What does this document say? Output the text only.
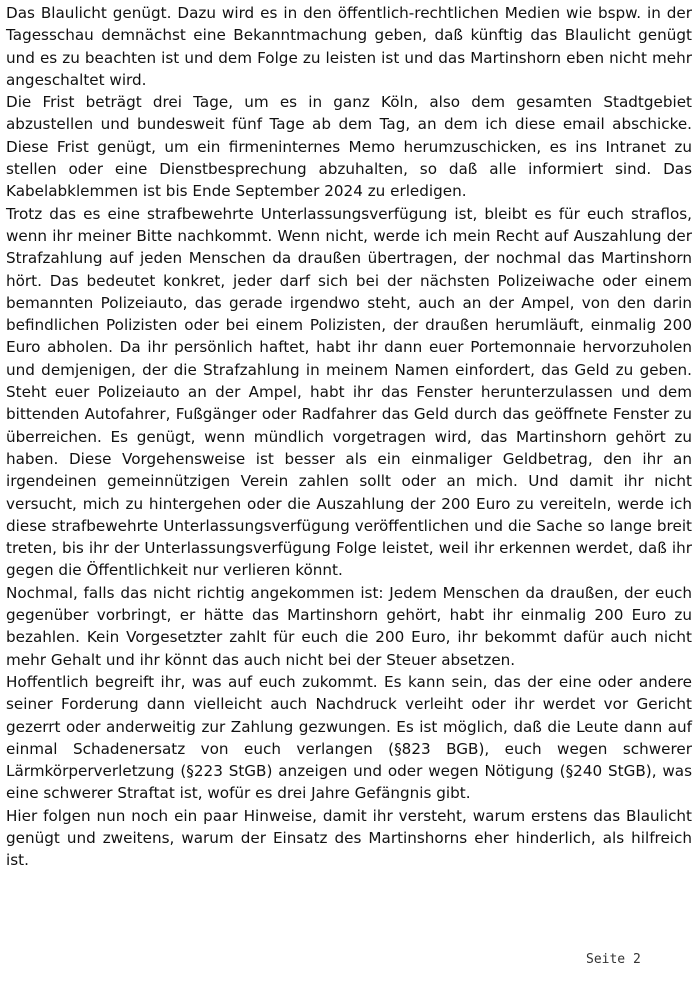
Das Blaulicht genügt. Dazu wird es in den öffentlich-rechtlichen Medien wie bspw. in der Tagesschau demnächst eine Bekanntmachung geben, daß künftig das Blaulicht genügt und es zu beachten ist und dem Folge zu leisten ist und das Martinshorn eben nicht mehr angeschaltet wird.

Die Frist beträgt drei Tage, um es in ganz Köln, also dem gesamten Stadtgebiet abzustellen und bundesweit fünf Tage ab dem Tag, an dem ich diese email abschicke. Diese Frist genügt, um ein firmeninternes Memo herumzuschicken, es ins Intranet zu stellen oder eine Dienstbesprechung abzuhalten, so daß alle informiert sind. Das Kabelabklemmen ist bis Ende September 2024 zu erledigen.

Trotz das es eine strafbewehrte Unterlassungsverfügung ist, bleibt es für euch straflos, wenn ihr meiner Bitte nachkommt. Wenn nicht, werde ich mein Recht auf Auszahlung der Strafzahlung auf jeden Menschen da draußen übertragen, der nochmal das Martinshorn hört. Das bedeutet konkret, jeder darf sich bei der nächsten Polizeiwache oder einem bemannten Polizeiauto, das gerade irgendwo steht, auch an der Ampel, von den darin befindlichen Polizisten oder bei einem Polizisten, der draußen herumläuft, einmalig 200 Euro abholen. Da ihr persönlich haftet, habt ihr dann euer Portemonnaie hervorzuholen und demjenigen, der die Strafzahlung in meinem Namen einfordert, das Geld zu geben. Steht euer Polizeiauto an der Ampel, habt ihr das Fenster herunterzulassen und dem bittenden Autofahrer, Fußgänger oder Radfahrer das Geld durch das geöffnete Fenster zu überreichen. Es genügt, wenn mündlich vorgetragen wird, das Martinshorn gehört zu haben. Diese Vorgehensweise ist besser als ein einmaliger Geldbetrag, den ihr an irgendeinen gemeinnützigen Verein zahlen sollt oder an mich. Und damit ihr nicht versucht, mich zu hintergehen oder die Auszahlung der 200 Euro zu vereiteln, werde ich diese strafbewehrte Unterlassungsverfügung veröffentlichen und die Sache so lange breit treten, bis ihr der Unterlassungsverfügung Folge leistet, weil ihr erkennen werdet, daß ihr gegen die Öffentlichkeit nur verlieren könnt.

Nochmal, falls das nicht richtig angekommen ist: Jedem Menschen da draußen, der euch gegenüber vorbringt, er hätte das Martinshorn gehört, habt ihr einmalig 200 Euro zu bezahlen. Kein Vorgesetzter zahlt für euch die 200 Euro, ihr bekommt dafür auch nicht mehr Gehalt und ihr könnt das auch nicht bei der Steuer absetzen.

Hoffentlich begreift ihr, was auf euch zukommt. Es kann sein, das der eine oder andere seiner Forderung dann vielleicht auch Nachdruck verleiht oder ihr werdet vor Gericht gezerrt oder anderweitig zur Zahlung gezwungen. Es ist möglich, daß die Leute dann auf einmal Schadenersatz von euch verlangen (§823 BGB), euch wegen schwerer Lärmkörperverletzung (§223 StGB) anzeigen und oder wegen Nötigung (§240 StGB), was eine schwerer Straftat ist, wofür es drei Jahre Gefängnis gibt.

Hier folgen nun noch ein paar Hinweise, damit ihr versteht, warum erstens das Blaulicht genügt und zweitens, warum der Einsatz des Martinshorns eher hinderlich, als hilfreich ist.

Seite 2
